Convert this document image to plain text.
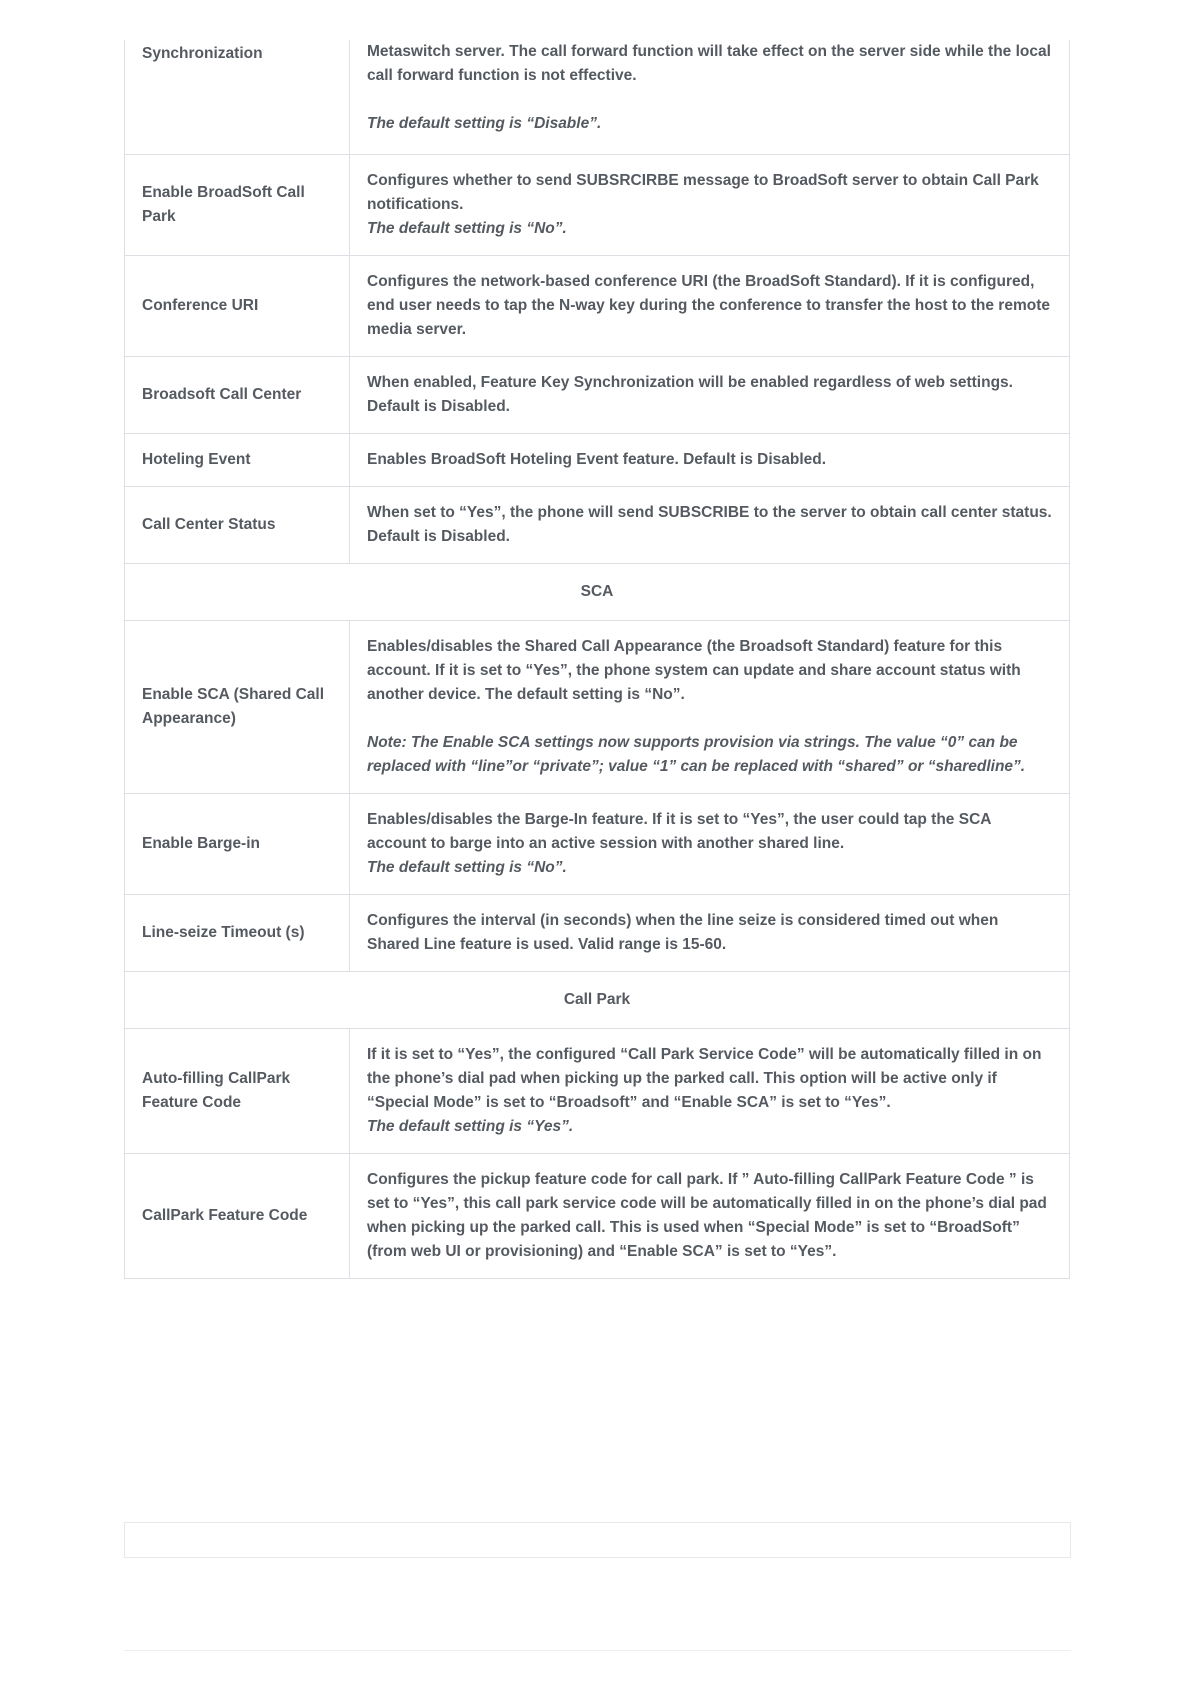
Synchronization	Metaswitch server. The call forward function will take effect on the server side while the local call forward function is not effective.
The default setting is “Disable”.

Enable BroadSoft Call Park	Configures whether to send SUBSRCIRBE message to BroadSoft server to obtain Call Park notifications.
The default setting is “No”.

Conference URI	Configures the network-based conference URI (the BroadSoft Standard). If it is configured, end user needs to tap the N-way key during the conference to transfer the host to the remote media server.

Broadsoft Call Center	When enabled, Feature Key Synchronization will be enabled regardless of web settings. Default is Disabled.

Hoteling Event	Enables BroadSoft Hoteling Event feature. Default is Disabled.

Call Center Status	When set to “Yes”, the phone will send SUBSCRIBE to the server to obtain call center status. Default is Disabled.

SCA	
Enable SCA (Shared Call Appearance)	Enables/disables the Shared Call Appearance (the Broadsoft Standard) feature for this account. If it is set to “Yes”, the phone system can update and share account status with another device. The default setting is “No”.
Note: The Enable SCA settings now supports provision via strings. The value “0” can be replaced with “line”or “private”; value “1” can be replaced with “shared” or “sharedline”.

Enable Barge-in	Enables/disables the Barge-In feature. If it is set to “Yes”, the user could tap the SCA account to barge into an active session with another shared line.
The default setting is “No”.

Line-seize Timeout (s)	Configures the interval (in seconds) when the line seize is considered timed out when Shared Line feature is used. Valid range is 15-60.

Call Park	
Auto-filling CallPark Feature Code	If it is set to “Yes”, the configured “Call Park Service Code” will be automatically filled in on the phone’s dial pad when picking up the parked call. This option will be active only if “Special Mode” is set to “Broadsoft” and “Enable SCA” is set to “Yes”.
The default setting is “Yes”.

CallPark Feature Code	Configures the pickup feature code for call park. If ” Auto-filling CallPark Feature Code ” is set to “Yes”, this call park service code will be automatically filled in on the phone’s dial pad when picking up the parked call. This is used when “Special Mode” is set to “BroadSoft” (from web UI or provisioning) and “Enable SCA” is set to “Yes”.
